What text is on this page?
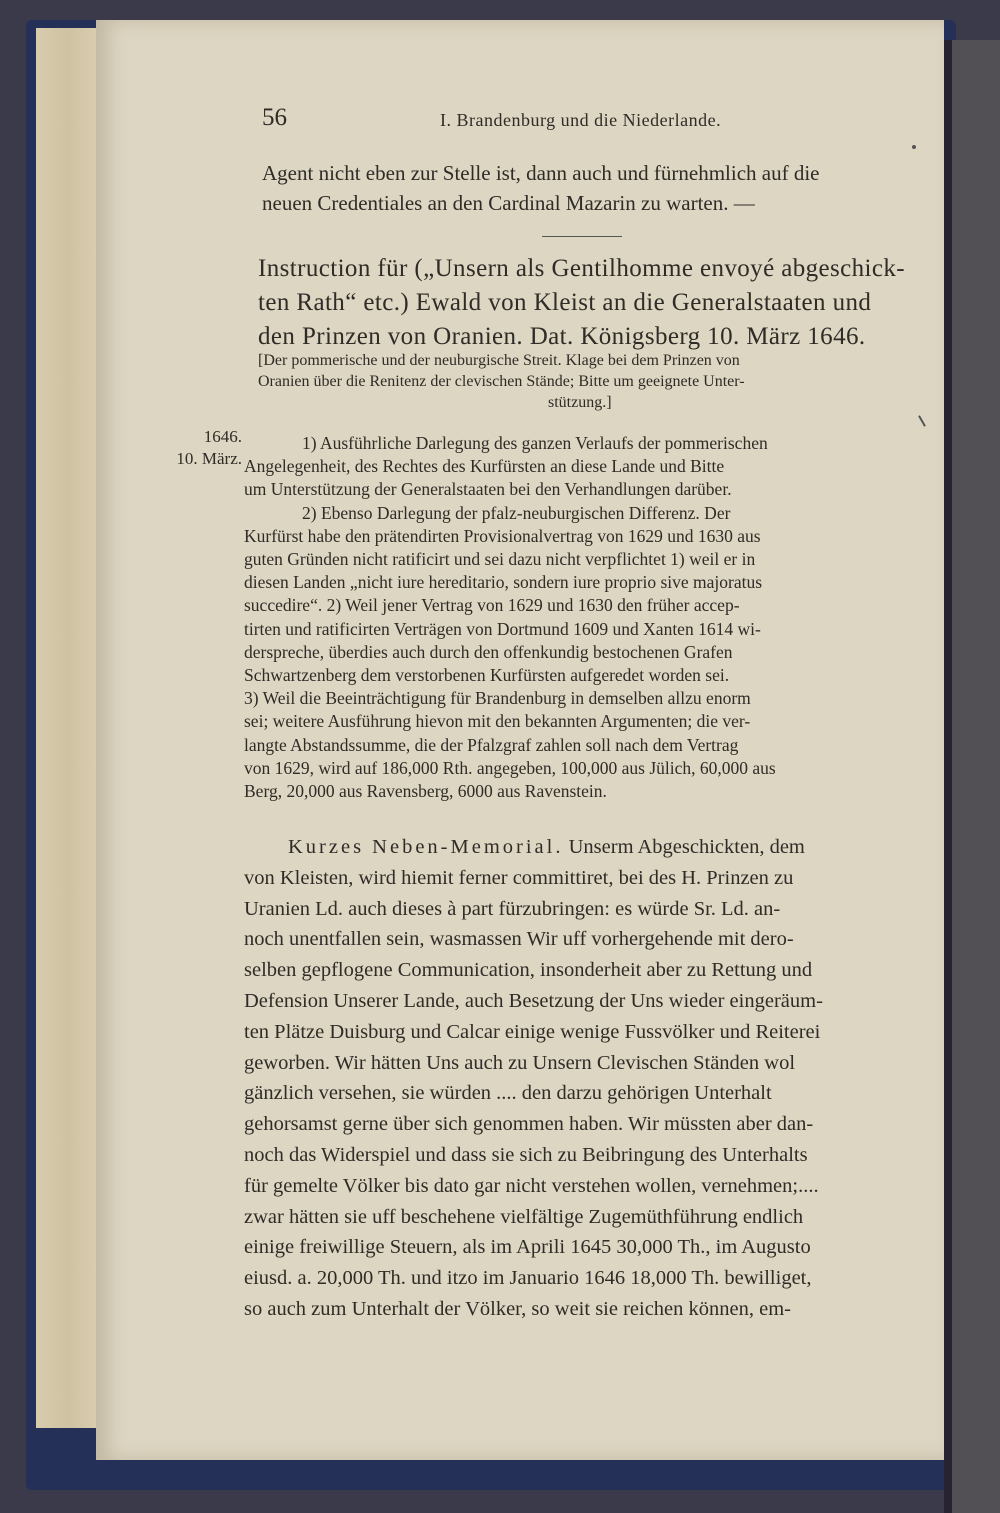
56	I. Brandenburg und die Niederlande.
Agent nicht eben zur Stelle ist, dann auch und fürnehmlich auf die
neuen Credentiales an den Cardinal Mazarin zu warten. —
Instruction für („Unsern als Gentilhomme envoyé abgeschick-
ten Rath“ etc.) Ewald von Kleist an die Generalstaaten und
den Prinzen von Oranien. Dat. Königsberg 10. März 1646.
[Der pommerische und der neuburgische Streit. Klage bei dem Prinzen von
Oranien über die Renitenz der clevischen Stände; Bitte um geeignete Unter-
stützung.]
1646.
10. März.
1) Ausführliche Darlegung des ganzen Verlaufs der pommerischen
Angelegenheit, des Rechtes des Kurfürsten an diese Lande und Bitte
um Unterstützung der Generalstaaten bei den Verhandlungen darüber.
2) Ebenso Darlegung der pfalz-neuburgischen Differenz. Der
Kurfürst habe den prätendirten Provisionalvertrag von 1629 und 1630 aus
guten Gründen nicht ratificirt und sei dazu nicht verpflichtet 1) weil er in
diesen Landen „nicht iure hereditario, sondern iure proprio sive majoratus
succedire“. 2) Weil jener Vertrag von 1629 und 1630 den früher accep-
tirten und ratificirten Verträgen von Dortmund 1609 und Xanten 1614 wi-
derspreche, überdies auch durch den offenkundig bestochenen Grafen
Schwartzenberg dem verstorbenen Kurfürsten aufgeredet worden sei.
3) Weil die Beeinträchtigung für Brandenburg in demselben allzu enorm
sei; weitere Ausführung hievon mit den bekannten Argumenten; die ver-
langte Abstandssumme, die der Pfalzgraf zahlen soll nach dem Vertrag
von 1629, wird auf 186,000 Rth. angegeben, 100,000 aus Jülich, 60,000 aus
Berg, 20,000 aus Ravensberg, 6000 aus Ravenstein.
Kurzes Neben-Memorial. Unserm Abgeschickten, dem
von Kleisten, wird hiemit ferner committiret, bei des H. Prinzen zu
Uranien Ld. auch dieses à part fürzubringen: es würde Sr. Ld. an-
noch unentfallen sein, wasmassen Wir uff vorhergehende mit dero-
selben gepflogene Communication, insonderheit aber zu Rettung und
Defension Unserer Lande, auch Besetzung der Uns wieder eingeräum-
ten Plätze Duisburg und Calcar einige wenige Fussvölker und Reiterei
geworben. Wir hätten Uns auch zu Unsern Clevischen Ständen wol
gänzlich versehen, sie würden .... den darzu gehörigen Unterhalt
gehorsamst gerne über sich genommen haben. Wir müssten aber dan-
noch das Widerspiel und dass sie sich zu Beibringung des Unterhalts
für gemelte Völker bis dato gar nicht verstehen wollen, vernehmen;....
zwar hätten sie uff beschehene vielfältige Zugemüthführung endlich
einige freiwillige Steuern, als im Aprili 1645 30,000 Th., im Augusto
eiusd. a. 20,000 Th. und itzo im Januario 1646 18,000 Th. bewilliget,
so auch zum Unterhalt der Völker, so weit sie reichen können, em-
